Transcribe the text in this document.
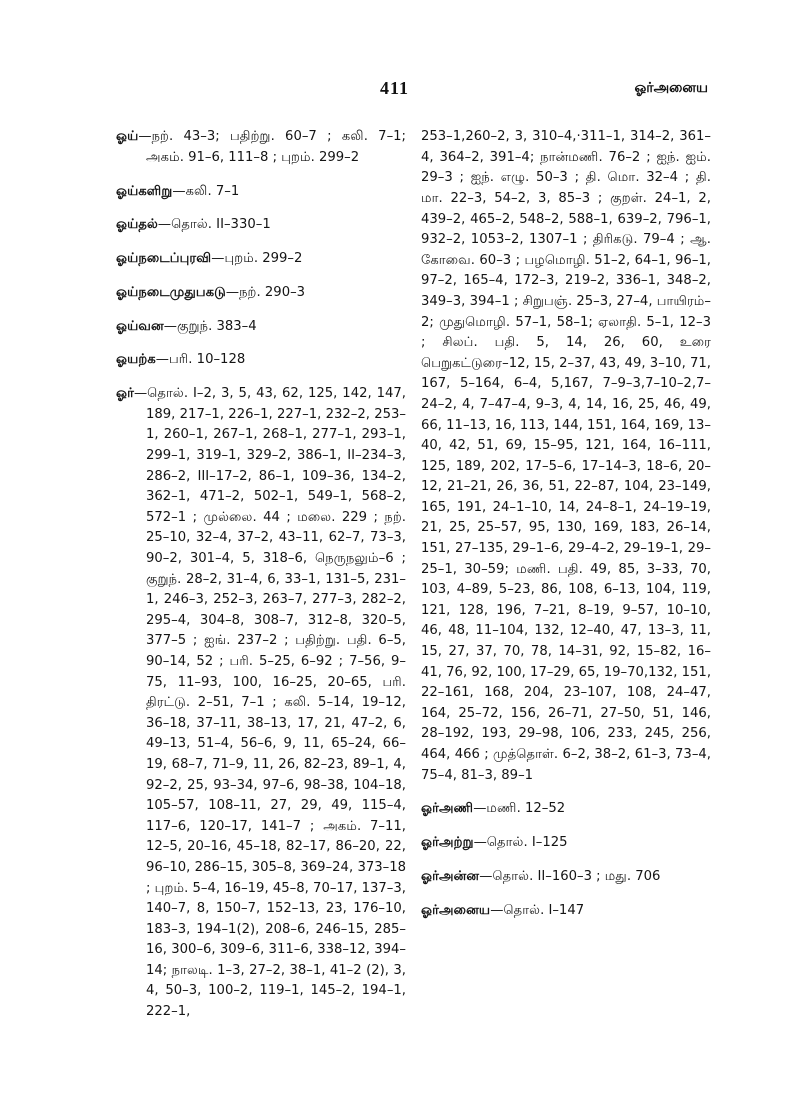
411	ஓர்அனைய

ஓய்—நற். 43–3; பதிற்று. 60–7 ; கலி. 7–1; அகம். 91–6, 111–8 ; புறம். 299–2

ஓய்களிறு—கலி. 7–1

ஓய்தல்—தொல். II–330–1

ஓய்நடைப்புரவி—புறம். 299–2

ஓய்நடைமுதுபகடு—நற். 290–3

ஓய்வன—குறுந். 383–4

ஓயற்க—பரி. 10–128

ஓர்—தொல். I–2, 3, 5, 43, 62, 125, 142, 147, 189, 217–1, 226–1, 227–1, 232–2, 253–1, 260–1, 267–1, 268–1, 277–1, 293–1, 299–1, 319–1, 329–2, 386–1, II–234–3, 286–2, III–17–2, 86–1, 109–36, 134–2, 362–1, 471–2, 502–1, 549–1, 568–2, 572–1 ; முல்லை. 44 ; மலை. 229 ; நற். 25–10, 32–4, 37–2, 43–11, 62–7, 73–3, 90–2, 301–4, 5, 318–6, நெருநலும்–6 ; குறுந். 28–2, 31–4, 6, 33–1, 131–5, 231–1, 246–3, 252–3, 263–7, 277–3, 282–2, 295–4, 304–8, 308–7, 312–8, 320–5, 377–5 ; ஐங். 237–2 ; பதிற்று. பதி. 6–5, 90–14, 52 ; பரி. 5–25, 6–92 ; 7–56, 9–75, 11–93, 100, 16–25, 20–65, பரி. திரட்டு. 2–51, 7–1 ; கலி. 5–14, 19–12, 36–18, 37–11, 38–13, 17, 21, 47–2, 6, 49–13, 51–4, 56–6, 9, 11, 65–24, 66–19, 68–7, 71–9, 11, 26, 82–23, 89–1, 4, 92–2, 25, 93–34, 97–6, 98–38, 104–18, 105–57, 108–11, 27, 29, 49, 115–4, 117–6, 120–17, 141–7 ; அகம். 7–11, 12–5, 20–16, 45–18, 82–17, 86–20, 22, 96–10, 286–15, 305–8, 369–24, 373–18 ; புறம். 5–4, 16–19, 45–8, 70–17, 137–3, 140–7, 8, 150–7, 152–13, 23, 176–10, 183–3, 194–1(2), 208–6, 246–15, 285–16, 300–6, 309–6, 311–6, 338–12, 394–14; நாலடி. 1–3, 27–2, 38–1, 41–2 (2), 3, 4, 50–3, 100–2, 119–1, 145–2, 194–1, 222–1,

253–1,260–2, 3, 310–4,·311–1, 314–2, 361–4, 364–2, 391–4; நான்மணி. 76–2 ; ஐந். ஐம். 29–3 ; ஐந். எழு. 50–3 ; தி. மொ. 32–4 ; தி. மா. 22–3, 54–2, 3, 85–3 ; குறள். 24–1, 2, 439–2, 465–2, 548–2, 588–1, 639–2, 796–1, 932–2, 1053–2, 1307–1 ; திரிகடு. 79–4 ; ஆ. கோவை. 60–3 ; பழமொழி. 51–2, 64–1, 96–1, 97–2, 165–4, 172–3, 219–2, 336–1, 348–2, 349–3, 394–1 ; சிறுபஞ். 25–3, 27–4, பாயிரம்–2; முதுமொழி. 57–1, 58–1; ஏலாதி. 5–1, 12–3 ; சிலப். பதி. 5, 14, 26, 60, உரை பெறுகட்டுரை–12, 15, 2–37, 43, 49, 3–10, 71, 167, 5–164, 6–4, 5,167, 7–9–3,7–10–2,7–24–2, 4, 7–47–4, 9–3, 4, 14, 16, 25, 46, 49, 66, 11–13, 16, 113, 144, 151, 164, 169, 13–40, 42, 51, 69, 15–95, 121, 164, 16–111, 125, 189, 202, 17–5–6, 17–14–3, 18–6, 20–12, 21–21, 26, 36, 51, 22–87, 104, 23–149, 165, 191, 24–1–10, 14, 24–8–1, 24–19–19, 21, 25, 25–57, 95, 130, 169, 183, 26–14, 151, 27–135, 29–1–6, 29–4–2, 29–19–1, 29–25–1, 30–59; மணி. பதி. 49, 85, 3–33, 70, 103, 4–89, 5–23, 86, 108, 6–13, 104, 119, 121, 128, 196, 7–21, 8–19, 9–57, 10–10, 46, 48, 11–104, 132, 12–40, 47, 13–3, 11, 15, 27, 37, 70, 78, 14–31, 92, 15–82, 16–41, 76, 92, 100, 17–29, 65, 19–70,132, 151, 22–161, 168, 204, 23–107, 108, 24–47, 164, 25–72, 156, 26–71, 27–50, 51, 146, 28–192, 193, 29–98, 106, 233, 245, 256, 464, 466 ; முத்தொள். 6–2, 38–2, 61–3, 73–4, 75–4, 81–3, 89–1

ஓர்அணி—மணி. 12–52

ஓர்அற்று—தொல். I–125

ஓர்அன்ன—தொல். II–160–3 ; மது. 706

ஓர்அனைய—தொல். I–147
